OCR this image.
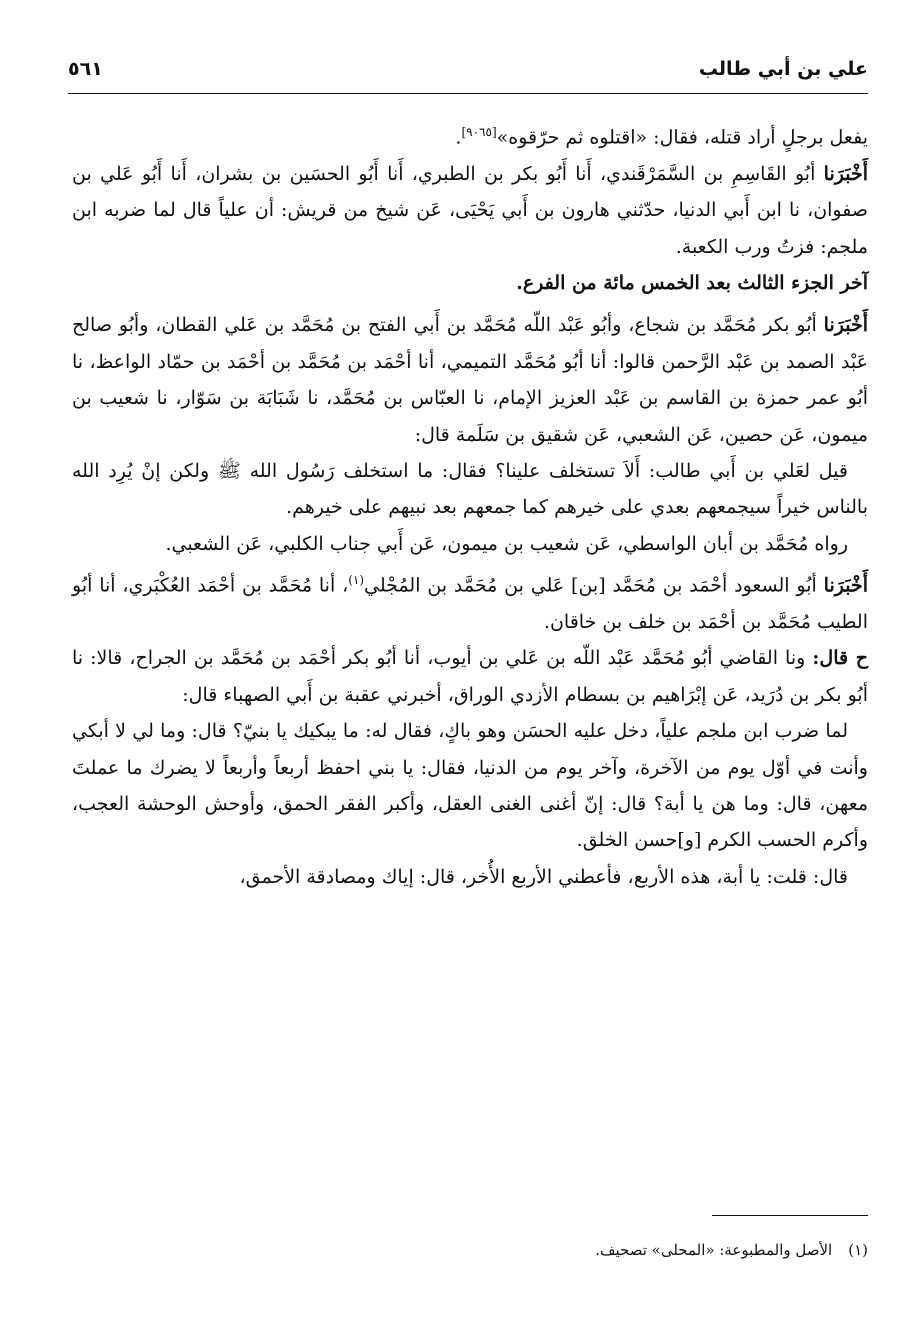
علي بن أبي طالب
٥٦١

يفعل برجلٍ أراد قتله، فقال: «اقتلوه ثم حرّقوه»[٩٠٦٥].

أَخْبَرَنا أبُو القَاسِمِ بن السَّمَرْقَندي، أَنا أَبُو بكر بن الطبري، أَنا أَبُو الحسَين بن بشران، أَنا أَبُو عَلي بن صفوان، نا ابن أَبي الدنيا، حدّثني هارون بن أَبي يَحْيَى، عَن شيخ من قريش: أن علياً قال لما ضربه ابن ملجم: فزتُ ورب الكعبة.

آخر الجزء الثالث بعد الخمس مائة من الفرع.

أَخْبَرَنا أبُو بكر مُحَمَّد بن شجاع، وأبُو عَبْد اللّه مُحَمَّد بن أَبي الفتح بن مُحَمَّد بن عَلي القطان، وأبُو صالح عَبْد الصمد بن عَبْد الرَّحمن قالوا: أنا أبُو مُحَمَّد التميمي، أنا أحْمَد بن مُحَمَّد بن أحْمَد بن حمّاد الواعظ، نا أبُو عمر حمزة بن القاسم بن عَبْد العزيز الإمام، نا العبّاس بن مُحَمَّد، نا شَبَابَة بن سَوّار، نا شعيب بن ميمون، عَن حصين، عَن الشعبي، عَن شقيق بن سَلَمة قال:

قيل لعَلي بن أَبي طالب: أَلاَ تستخلف علينا؟ فقال: ما استخلف رَسُول الله ﷺ ولكن إنْ يُرِد الله بالناس خيراً سيجمعهم بعدي على خيرهم كما جمعهم بعد نبيهم على خيرهم.

رواه مُحَمَّد بن أبان الواسطي، عَن شعيب بن ميمون، عَن أَبي جناب الكلبي، عَن الشعبي.

أَخْبَرَنا أبُو السعود أحْمَد بن مُحَمَّد [بن] عَلي بن مُحَمَّد بن المُجْلي$^{(١)}$، أنا مُحَمَّد بن أحْمَد العُكْبَري، أنا أبُو الطيب مُحَمَّد بن أحْمَد بن خلف بن خاقان.

ح قال: ونا القاضي أبُو مُحَمَّد عَبْد اللّه بن عَلي بن أيوب، أنا أبُو بكر أحْمَد بن مُحَمَّد بن الجراح، قالا: نا أبُو بكر بن دُرَيد، عَن إبْرَاهيم بن بسطام الأزدي الوراق، أخبرني عقبة بن أَبي الصهباء قال:

لما ضرب ابن ملجم علياً، دخل عليه الحسَن وهو باكٍ، فقال له: ما يبكيك يا بنيّ؟ قال: وما لي لا أبكي وأنت في أوّل يوم من الآخرة، وآخر يوم من الدنيا، فقال: يا بني احفظ أربعاً وأربعاً لا يضرك ما عملتَ معهن، قال: وما هن يا أبة؟ قال: إنّ أغنى الغنى العقل، وأكبر الفقر الحمق، وأوحش الوحشة العجب، وأكرم الحسب الكرم [و]حسن الخلق.

قال: قلت: يا أبة، هذه الأربع، فأعطني الأربع الأُخر، قال: إياك ومصادقة الأحمق،

(١)الأصل والمطبوعة: «المحلى» تصحيف.
